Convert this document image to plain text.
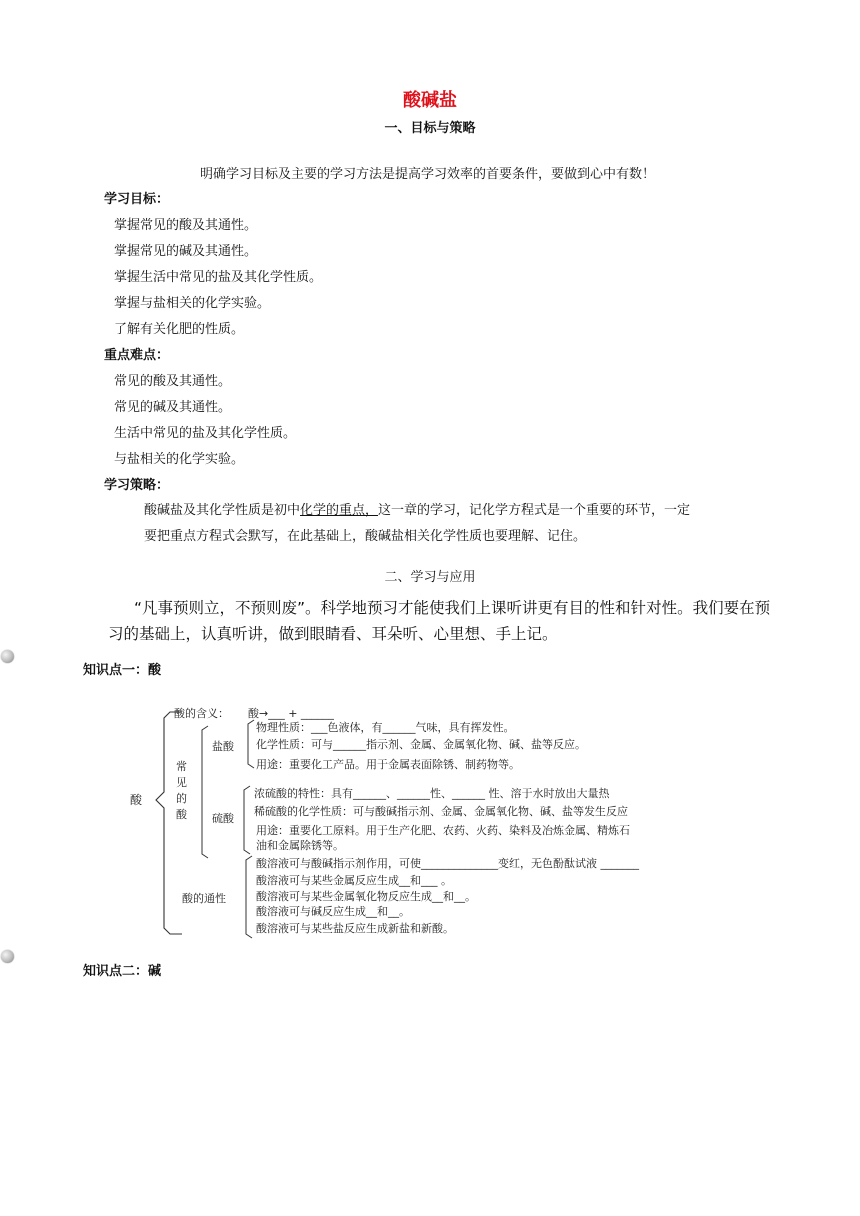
酸碱盐
一、目标与策略
明确学习目标及主要的学习方法是提高学习效率的首要条件，要做到心中有数！
学习目标：
掌握常见的酸及其通性。
掌握常见的碱及其通性。
掌握生活中常见的盐及其化学性质。
掌握与盐相关的化学实验。
了解有关化肥的性质。
重点难点：
常见的酸及其通性。
常见的碱及其通性。
生活中常见的盐及其化学性质。
与盐相关的化学实验。
学习策略：
酸碱盐及其化学性质是初中化学的重点，这一章的学习，记化学方程式是一个重要的环节，一定
要把重点方程式会默写，在此基础上，酸碱盐相关化学性质也要理解、记住。
二、学习与应用
“凡事预则立，不预则废”。科学地预习才能使我们上课听讲更有目的性和针对性。我们要在预
习的基础上，认真听讲，做到眼睛看、耳朵听、心里想、手上记。
知识点一：酸
酸
酸的含义： 酸→___ + ______
常
见
的
酸
盐酸
物理性质：___色液体，有______气味，具有挥发性。
化学性质：可与______指示剂、金属、金属氧化物、碱、盐等反应。
用途：重要化工产品。用于金属表面除锈、制药物等。
硫酸
浓硫酸的特性：具有______、______性、______ 性、溶于水时放出大量热
稀硫酸的化学性质：可与酸碱指示剂、金属、金属氧化物、碱、盐等发生反应
用途：重要化工原料。用于生产化肥、农药、火药、染料及冶炼金属、精炼石
油和金属除锈等。
酸的通性
酸溶液可与酸碱指示剂作用，可使______________变红，无色酚酞试液 _______
酸溶液可与某些金属反应生成__和___ 。
酸溶液可与某些金属氧化物反应生成__和__。
酸溶液可与碱反应生成__和__。
酸溶液可与某些盐反应生成新盐和新酸。
知识点二：碱
